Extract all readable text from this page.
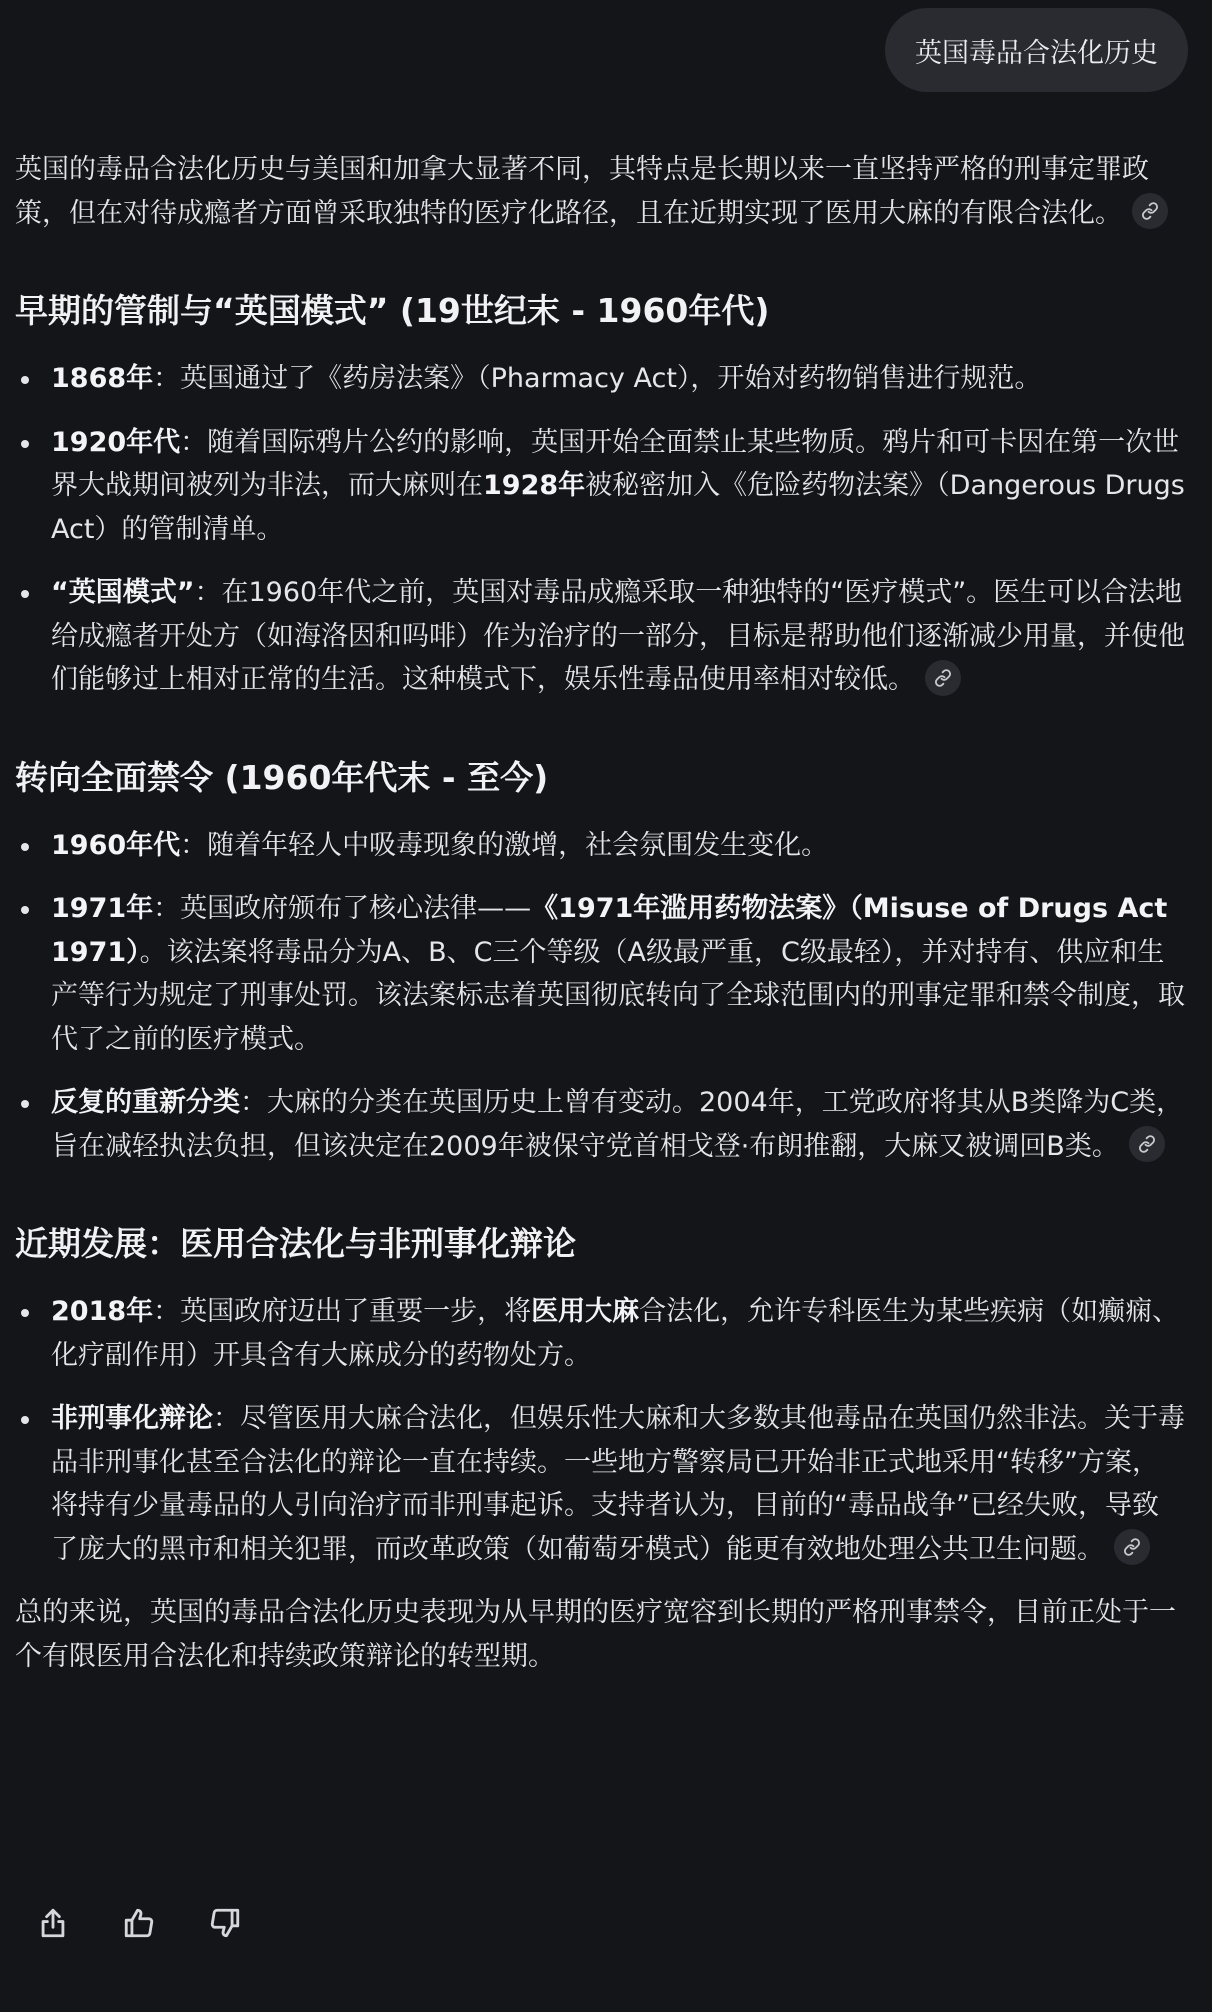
英国毒品合法化历史

英国的毒品合法化历史与美国和加拿大显著不同，其特点是长期以来一直坚持严格的刑事定罪政策，但在对待成瘾者方面曾采取独特的医疗化路径，且在近期实现了医用大麻的有限合法化。

早期的管制与“英国模式” (19世纪末 - 1960年代)
1868年：英国通过了《药房法案》（Pharmacy Act），开始对药物销售进行规范。
1920年代：随着国际鸦片公约的影响，英国开始全面禁止某些物质。鸦片和可卡因在第一次世界大战期间被列为非法，而大麻则在1928年被秘密加入《危险药物法案》（Dangerous Drugs Act）的管制清单。
“英国模式”：在1960年代之前，英国对毒品成瘾采取一种独特的“医疗模式”。医生可以合法地给成瘾者开处方（如海洛因和吗啡）作为治疗的一部分，目标是帮助他们逐渐减少用量，并使他们能够过上相对正常的生活。这种模式下，娱乐性毒品使用率相对较低。
转向全面禁令 (1960年代末 - 至今)
1960年代：随着年轻人中吸毒现象的激增，社会氛围发生变化。
1971年：英国政府颁布了核心法律——《1971年滥用药物法案》（Misuse of Drugs Act 1971）。该法案将毒品分为A、B、C三个等级（A级最严重，C级最轻），并对持有、供应和生产等行为规定了刑事处罚。该法案标志着英国彻底转向了全球范围内的刑事定罪和禁令制度，取代了之前的医疗模式。
反复的重新分类：大麻的分类在英国历史上曾有变动。2004年，工党政府将其从B类降为C类，旨在减轻执法负担，但该决定在2009年被保守党首相戈登·布朗推翻，大麻又被调回B类。
近期发展：医用合法化与非刑事化辩论
2018年：英国政府迈出了重要一步，将医用大麻合法化，允许专科医生为某些疾病（如癫痫、化疗副作用）开具含有大麻成分的药物处方。
非刑事化辩论：尽管医用大麻合法化，但娱乐性大麻和大多数其他毒品在英国仍然非法。关于毒品非刑事化甚至合法化的辩论一直在持续。一些地方警察局已开始非正式地采用“转移”方案，将持有少量毒品的人引向治疗而非刑事起诉。支持者认为，目前的“毒品战争”已经失败，导致了庞大的黑市和相关犯罪，而改革政策（如葡萄牙模式）能更有效地处理公共卫生问题。

总的来说，英国的毒品合法化历史表现为从早期的医疗宽容到长期的严格刑事禁令，目前正处于一个有限医用合法化和持续政策辩论的转型期。
